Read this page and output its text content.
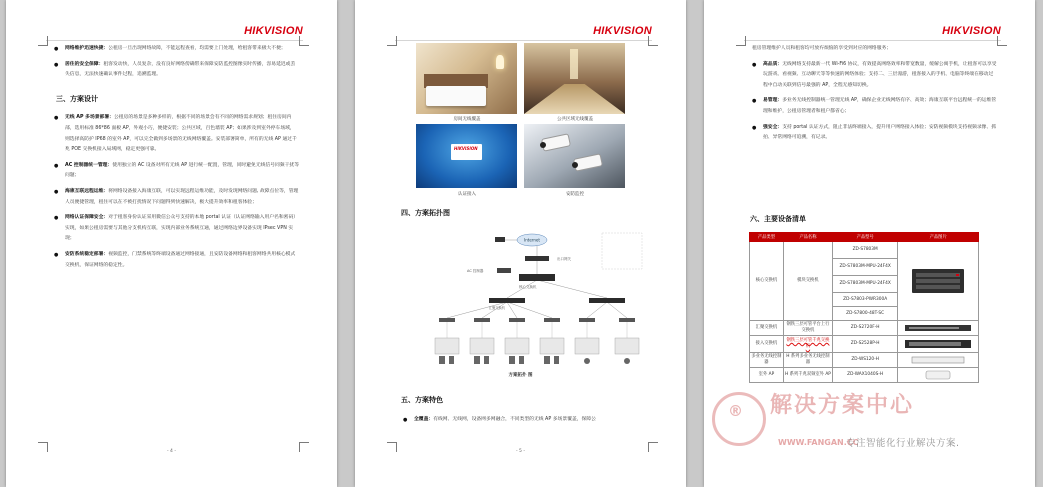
HIKVISION
● 网络维护迅速快捷：公租房一旦出现网络故障，不能远程查看，均需要上门处理，给租客带来极大不便；
● 居住的安全保障：租客发动快，人员复杂，没有良好网络傍确带来保障安防监控图像实时传播，容易延迟或丢失信息，无法快速确认事件过程，追溯监理。
三、方案设计
● 无线 AP 多场景部署：公租房的场景是多种多样的，根据不同的场景会有不同的网络需求规划；租住房间内部，选用标准 86*86 面板 AP，外观小巧，便捷安装；公共区域，百色墙装 AP；如果涉及到室外停车场域，则选择高防护 IP68 的室外 AP，可以完全做到多场景的无线网络覆盖。安装部署简单，所有的无线 AP 通过千兆 POE 交换机接入局域网，稳定更强可靠。
● AC 控制器统一管理：使用独立的 AC 设备对所有无线 AP 进行统一配置，管理，同时避免无线信号同频干扰等问题；
● 海康互联远程运维：将网络设备接入海康互联，可以实现远程运维功能，及时发现网络问题, 故障点位等，管理人员便捷管理，租住可以在不被打扰情况下问题得到快速解决，极大提升效率和租客体验；
● 网络认证保障安全：对于租客身份认证采用微信公众号支持的本地 portal 认证（认证网络输入用户名和密码）实现，如果公租房需要与其他分支机构互联，实现内部业务系统互通，通过网络边界设备实现 IPsec VPN 实现；
● 安防系统稳定部署：视频监控，门禁系统等终端设备通过网络接通，且安防设备网络和租客网络共用核心模式交换机，保证网络的稳定性。
- 4 -
HIKVISION
房间无线覆盖	公共区域无线覆盖
HIKVISION
认证接入	安防监控
四、方案拓扑图
Internet
出口网关
核心交换机
AC 控制器
汇聚交换机
方案拓扑 图
五、方案特色
● 全覆盖：有线网、无线网，设备网多网融合，不同类型的无线 AP 多场景覆盖，保障公
- 5 -
HIKVISION
租房管理维护人员和租客均可放弃烦恼的享受到对应的网络服务；
● 高品质：无线网络支持最新一代 Wi-Fi6 协议，有效提高网络效率和带宽数量，缓解公寓手机，让租客可以享受玩游戏、看视频、互动聊天等等快速的网络体验；支持二、三层漫游，租客接入的手机、电脑等终端在移动过程中自动关联到信号最强的 AP，全程无感知切换。
● 易管理：多业务无线控制器统一管理无线 AP，确保企业无线网络有序、高效；海康互联平台远程统一的运维管理和维护，公租房管理者和租户都省心；
● 强安全：支持 portal 认证方式，阻止非法终端接入，提升用户网络接入体验；安防视频模块支持视频录像、抓拍、异常网络可追溯，有记录。
六、主要设备清单
产品类型	产品名称	产品型号	产品图片
核心交换机	模块交换机	ZD-S7803M	

		ZD-S7803M-MPU-24F4X	
		ZD-S7803M-MPU-24F4X	
		ZD-S7803-PWR300A	
		ZD-S7800-48T-SC	
汇聚交换机	钢铁三层可管平台上行交换机	ZD-S2720F-H	

接入交换机	钢铁三层可管千兆交换机	ZD-S2528P-H	

多业务无线控制器	H 系列多业务无线控制器	ZD-WS120-H	

室外 AP	H 系列千兆双频室外 AP	ZD-WAX1040S-H	
® 解决方案中心
WWW.FANGAN.CC
专注智能化行业解决方案.
